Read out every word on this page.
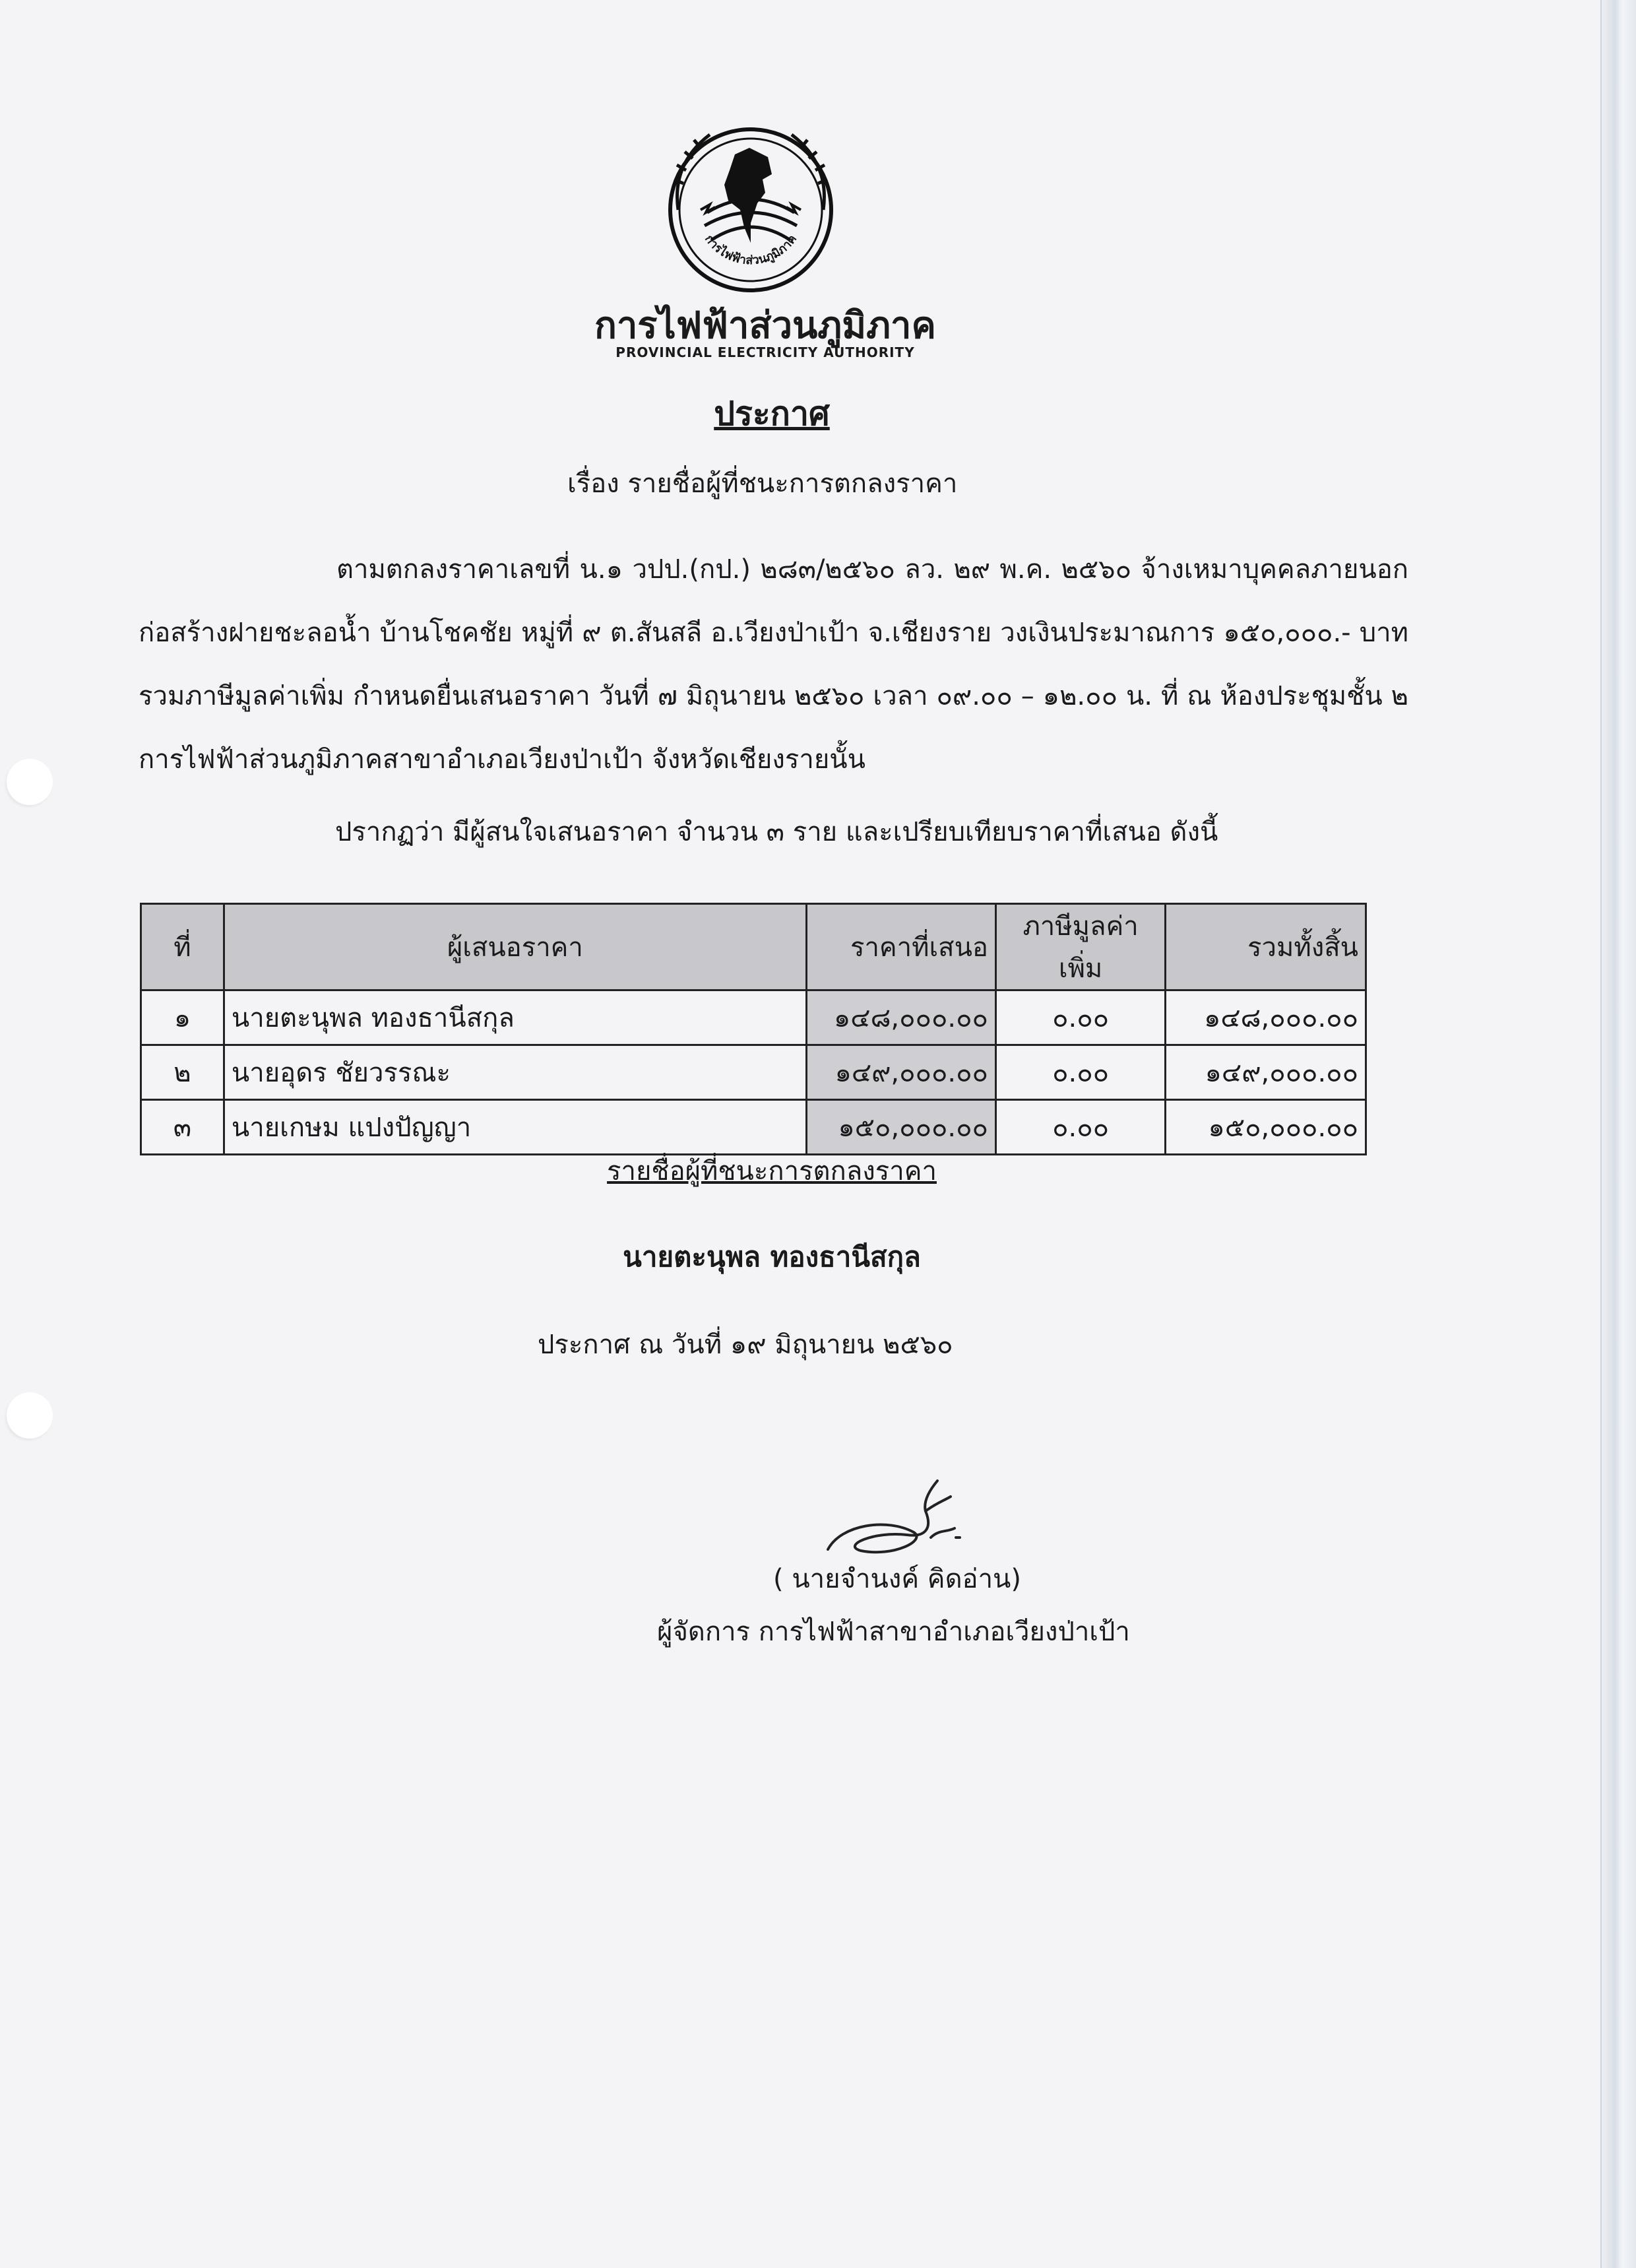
การไฟฟ้าส่วนภูมิภาค
การไฟฟ้าส่วนภูมิภาค
PROVINCIAL ELECTRICITY AUTHORITY
ประกาศ
เรื่อง รายชื่อผู้ที่ชนะการตกลงราคา

ตามตกลงราคาเลขที่ น.๑ วปป.(กป.) ๒๘๓/๒๕๖๐ ลว. ๒๙ พ.ค. ๒๕๖๐ จ้างเหมาบุคคลภายนอกก่อสร้างฝายชะลอน้ำ บ้านโชคชัย หมู่ที่ ๙ ต.สันสลี อ.เวียงป่าเป้า จ.เชียงราย วงเงินประมาณการ ๑๕๐,๐๐๐.- บาท รวมภาษีมูลค่าเพิ่ม กำหนดยื่นเสนอราคา วันที่ ๗ มิถุนายน ๒๕๖๐ เวลา ๐๙.๐๐ – ๑๒.๐๐ น. ที่ ณ ห้องประชุมชั้น ๒ การไฟฟ้าส่วนภูมิภาคสาขาอำเภอเวียงป่าเป้า จังหวัดเชียงรายนั้น

ปรากฏว่า มีผู้สนใจเสนอราคา จำนวน ๓ ราย และเปรียบเทียบราคาที่เสนอ ดังนี้
ที่	ผู้เสนอราคา	ราคาที่เสนอ	ภาษีมูลค่าเพิ่ม	รวมทั้งสิ้น
๑	นายตะนุพล ทองธานีสกุล	๑๔๘,๐๐๐.๐๐	๐.๐๐	๑๔๘,๐๐๐.๐๐
๒	นายอุดร ชัยวรรณะ	๑๔๙,๐๐๐.๐๐	๐.๐๐	๑๔๙,๐๐๐.๐๐
๓	นายเกษม แปงปัญญา	๑๕๐,๐๐๐.๐๐	๐.๐๐	๑๕๐,๐๐๐.๐๐
รายชื่อผู้ที่ชนะการตกลงราคา
นายตะนุพล ทองธานีสกุล
ประกาศ ณ วันที่ ๑๙ มิถุนายน ๒๕๖๐
( นายจำนงค์ คิดอ่าน)
ผู้จัดการ การไฟฟ้าสาขาอำเภอเวียงป่าเป้า
